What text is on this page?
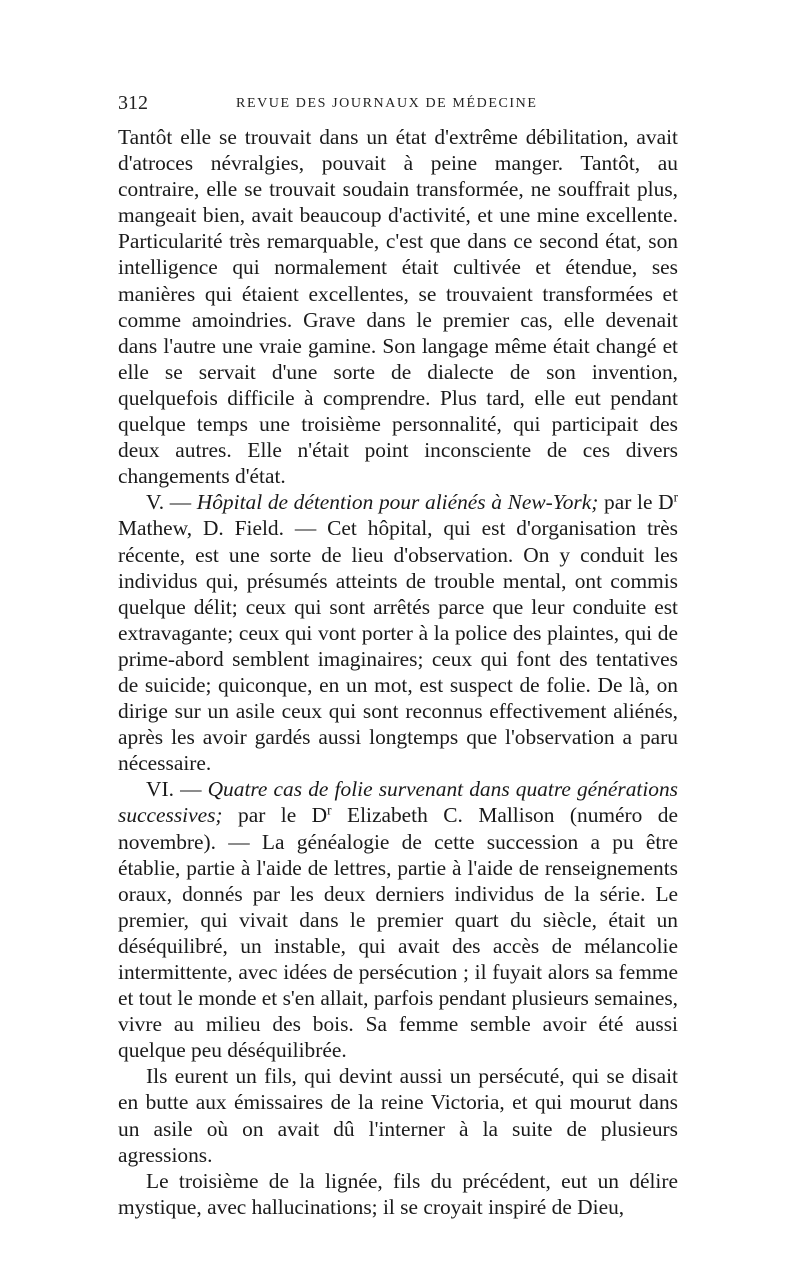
312	REVUE DES JOURNAUX DE MÉDECINE

Tantôt elle se trouvait dans un état d'extrême débilitation, avait d'atroces névralgies, pouvait à peine manger. Tantôt, au contraire, elle se trouvait soudain transformée, ne souffrait plus, mangeait bien, avait beaucoup d'activité, et une mine excellente. Particularité très remarquable, c'est que dans ce second état, son intelligence qui normalement était cultivée et étendue, ses manières qui étaient excellentes, se trouvaient transformées et comme amoindries. Grave dans le premier cas, elle devenait dans l'autre une vraie gamine. Son langage même était changé et elle se servait d'une sorte de dialecte de son invention, quelquefois difficile à comprendre. Plus tard, elle eut pendant quelque temps une troisième personnalité, qui participait des deux autres. Elle n'était point inconsciente de ces divers changements d'état.

V. — Hôpital de détention pour aliénés à New-York; par le $D^r$ Mathew, D. Field. — Cet hôpital, qui est d'organisation très récente, est une sorte de lieu d'observation. On y conduit les individus qui, présumés atteints de trouble mental, ont commis quelque délit; ceux qui sont arrêtés parce que leur conduite est extravagante; ceux qui vont porter à la police des plaintes, qui de prime-abord semblent imaginaires; ceux qui font des tentatives de suicide; quiconque, en un mot, est suspect de folie. De là, on dirige sur un asile ceux qui sont reconnus effectivement aliénés, après les avoir gardés aussi longtemps que l'observation a paru nécessaire.

VI. — Quatre cas de folie survenant dans quatre générations successives; par le $D^r$ Elizabeth C. Mallison (numéro de novembre). — La généalogie de cette succession a pu être établie, partie à l'aide de lettres, partie à l'aide de renseignements oraux, donnés par les deux derniers individus de la série. Le premier, qui vivait dans le premier quart du siècle, était un déséquilibré, un instable, qui avait des accès de mélancolie intermittente, avec idées de persécution ; il fuyait alors sa femme et tout le monde et s'en allait, parfois pendant plusieurs semaines, vivre au milieu des bois. Sa femme semble avoir été aussi quelque peu déséquilibrée.

Ils eurent un fils, qui devint aussi un persécuté, qui se disait en butte aux émissaires de la reine Victoria, et qui mourut dans un asile où on avait dû l'interner à la suite de plusieurs agressions.

Le troisième de la lignée, fils du précédent, eut un délire mystique, avec hallucinations; il se croyait inspiré de Dieu,
